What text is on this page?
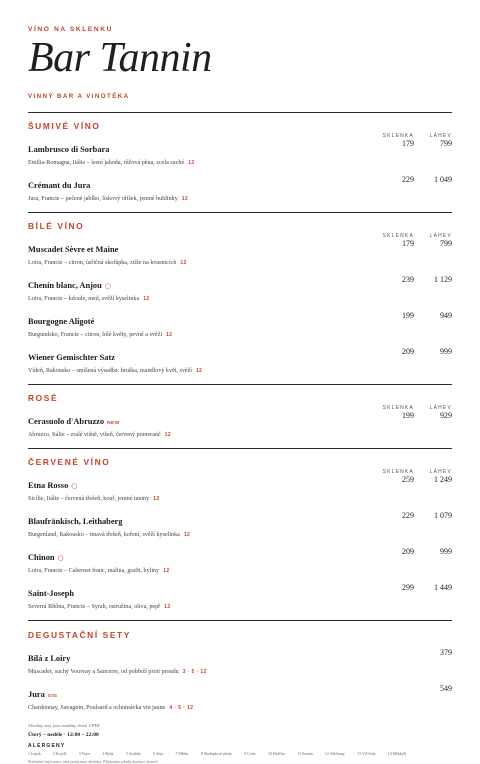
VÍNO NA SKLENKU
Bar Tannin
VINNÝ BAR A VINOTÉKA
ŠUMIVÉ VÍNO
SKLENKA	LÁHEV
Lambrusco di Sorbara
Emilia-Romagna, Itálie – lesní jahoda, růžová pěna, zcela suché 12
179	799
Crémant du Jura
Jura, Francie – pečené jablko, lískový oříšek, jemné bublinky 12
229	1 049
BÍLÉ VÍNO
SKLENKA	LÁHEV
Muscadet Sèvre et Maine
Loira, Francie – citron, úsřičná skořápka, ztíže na kvasnicích 12
179	799
Chenin blanc, Anjou ○
Loira, Francie – kdoule, med, svěží kyselinka 12
239	1 129
Bourgogne Aligoté
Burgundsko, Francie – citron, bílé květy, pevně a svěží 12
199	949
Wiener Gemischter Satz
Vídeň, Rakousko – smíšená výsadba: hruška, mandlový květ, svěží 12
209	999
ROSÉ
SKLENKA	LÁHEV
Cerasuolo d'Abruzzo NEW
Abruzzo, Itálie – zralé višně, višeň, červený pomeranč 12
199	929
ČERVENÉ VÍNO
SKLENKA	LÁHEV
Etna Rosso ○
Sicílie, Itálie – červená třešeň, kouř, jemné taniny 12
259	1 249
Blaufränkisch, Leithaberg
Burgenland, Rakousko – tmavá třešeň, koření, svěží kyselinka 12
229	1 079
Chinon ○
Loira, Francie – Cabernet franc, malina, grafit, byliny 12
209	999
Saint-Joseph
Severní Rhôna, Francie – Syrah, ostružina, oliva, pepř 12
299	1 449
DEGUSTAČNÍ SETY
Bílá z Loiry
Muscadet, suchý Vouvray a Sancerre, od pobřeží proti proudu 3 · 5 · 12
379
Jura SIG
Chardonnay, Savagnin, Poulsard a ochutnávka vin jaune 4 · 5 · 12
549
Všechny sety jsou rozdány třemi 1/PHI
Úterý – neděle · 12:00 – 22:00
ALERGENY
1 Lepek · 2 Korýši · 3 Vejce · 4 Ryby · 5 Arašídy · 6 Sója · 7 Mléko · 8 Skořápkové plody · 9 Celer · 10 Hořčice · 11 Sezam · 12 Siřičitany · 13 Vlčí bob · 14 Měkkýši
Podrobné informace vám poskytnou obsluha. Přijímáme platby kartou i hotově.
